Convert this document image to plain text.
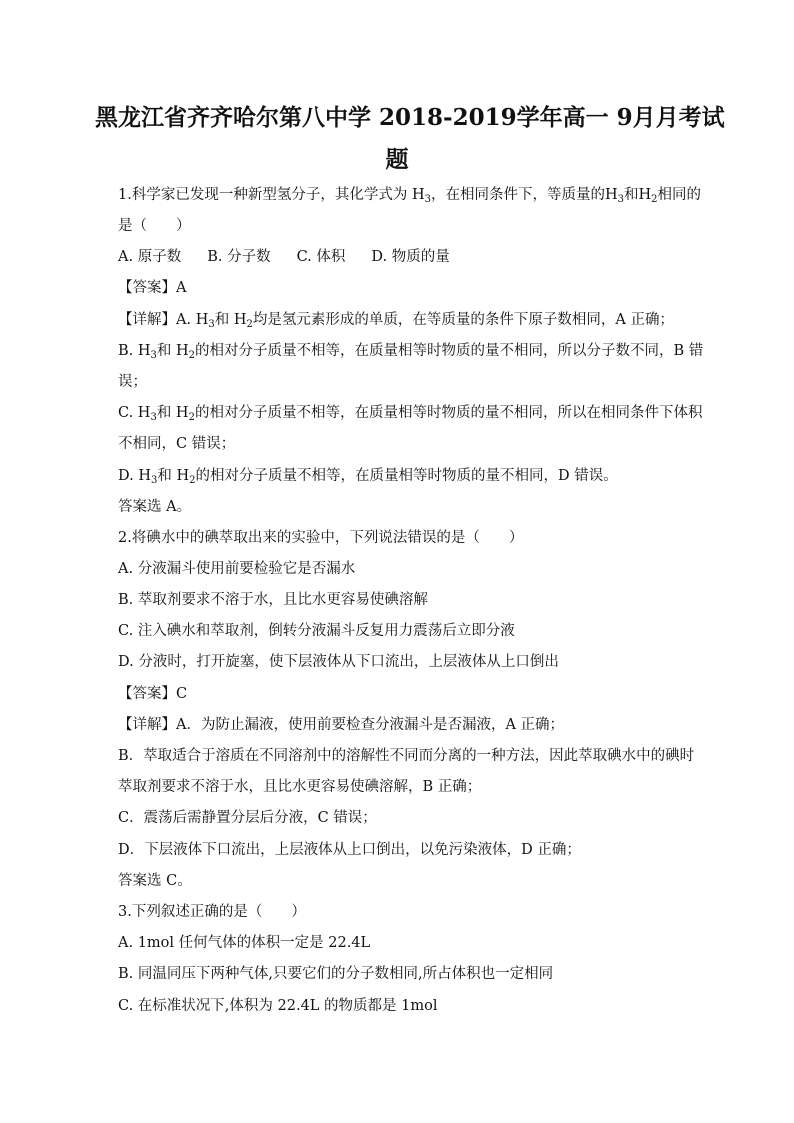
黑龙江省齐齐哈尔第八中学 2018-2019学年高一 9月月考试
题
1.科学家已发现一种新型氢分子，其化学式为 $H_3$，在相同条件下，等质量的$H_3$和$H_2$相同的
是（　　）
A. 原子数 B. 分子数 C. 体积 D. 物质的量
【答案】A
【详解】A. $H_3$和 $H_2$均是氢元素形成的单质，在等质量的条件下原子数相同，A 正确；
B. $H_3$和 $H_2$的相对分子质量不相等，在质量相等时物质的量不相同，所以分子数不同，B 错
误；
C. $H_3$和 $H_2$的相对分子质量不相等，在质量相等时物质的量不相同，所以在相同条件下体积
不相同，C 错误；
D. $H_3$和 $H_2$的相对分子质量不相等，在质量相等时物质的量不相同，D 错误。
答案选 A。
2.将碘水中的碘萃取出来的实验中，下列说法错误的是（　　）
A. 分液漏斗使用前要检验它是否漏水
B. 萃取剂要求不溶于水，且比水更容易使碘溶解
C. 注入碘水和萃取剂，倒转分液漏斗反复用力震荡后立即分液
D. 分液时，打开旋塞，使下层液体从下口流出，上层液体从上口倒出
【答案】C
【详解】A．为防止漏液，使用前要检查分液漏斗是否漏液，A 正确；
B．萃取适合于溶质在不同溶剂中的溶解性不同而分离的一种方法，因此萃取碘水中的碘时
萃取剂要求不溶于水，且比水更容易使碘溶解，B 正确；
C．震荡后需静置分层后分液，C 错误；
D．下层液体下口流出，上层液体从上口倒出，以免污染液体，D 正确；
答案选 C。
3.下列叙述正确的是（　　）
A. 1mol 任何气体的体积一定是 22.4L
B. 同温同压下两种气体,只要它们的分子数相同,所占体积也一定相同
C. 在标准状况下,体积为 22.4L 的物质都是 1mol
